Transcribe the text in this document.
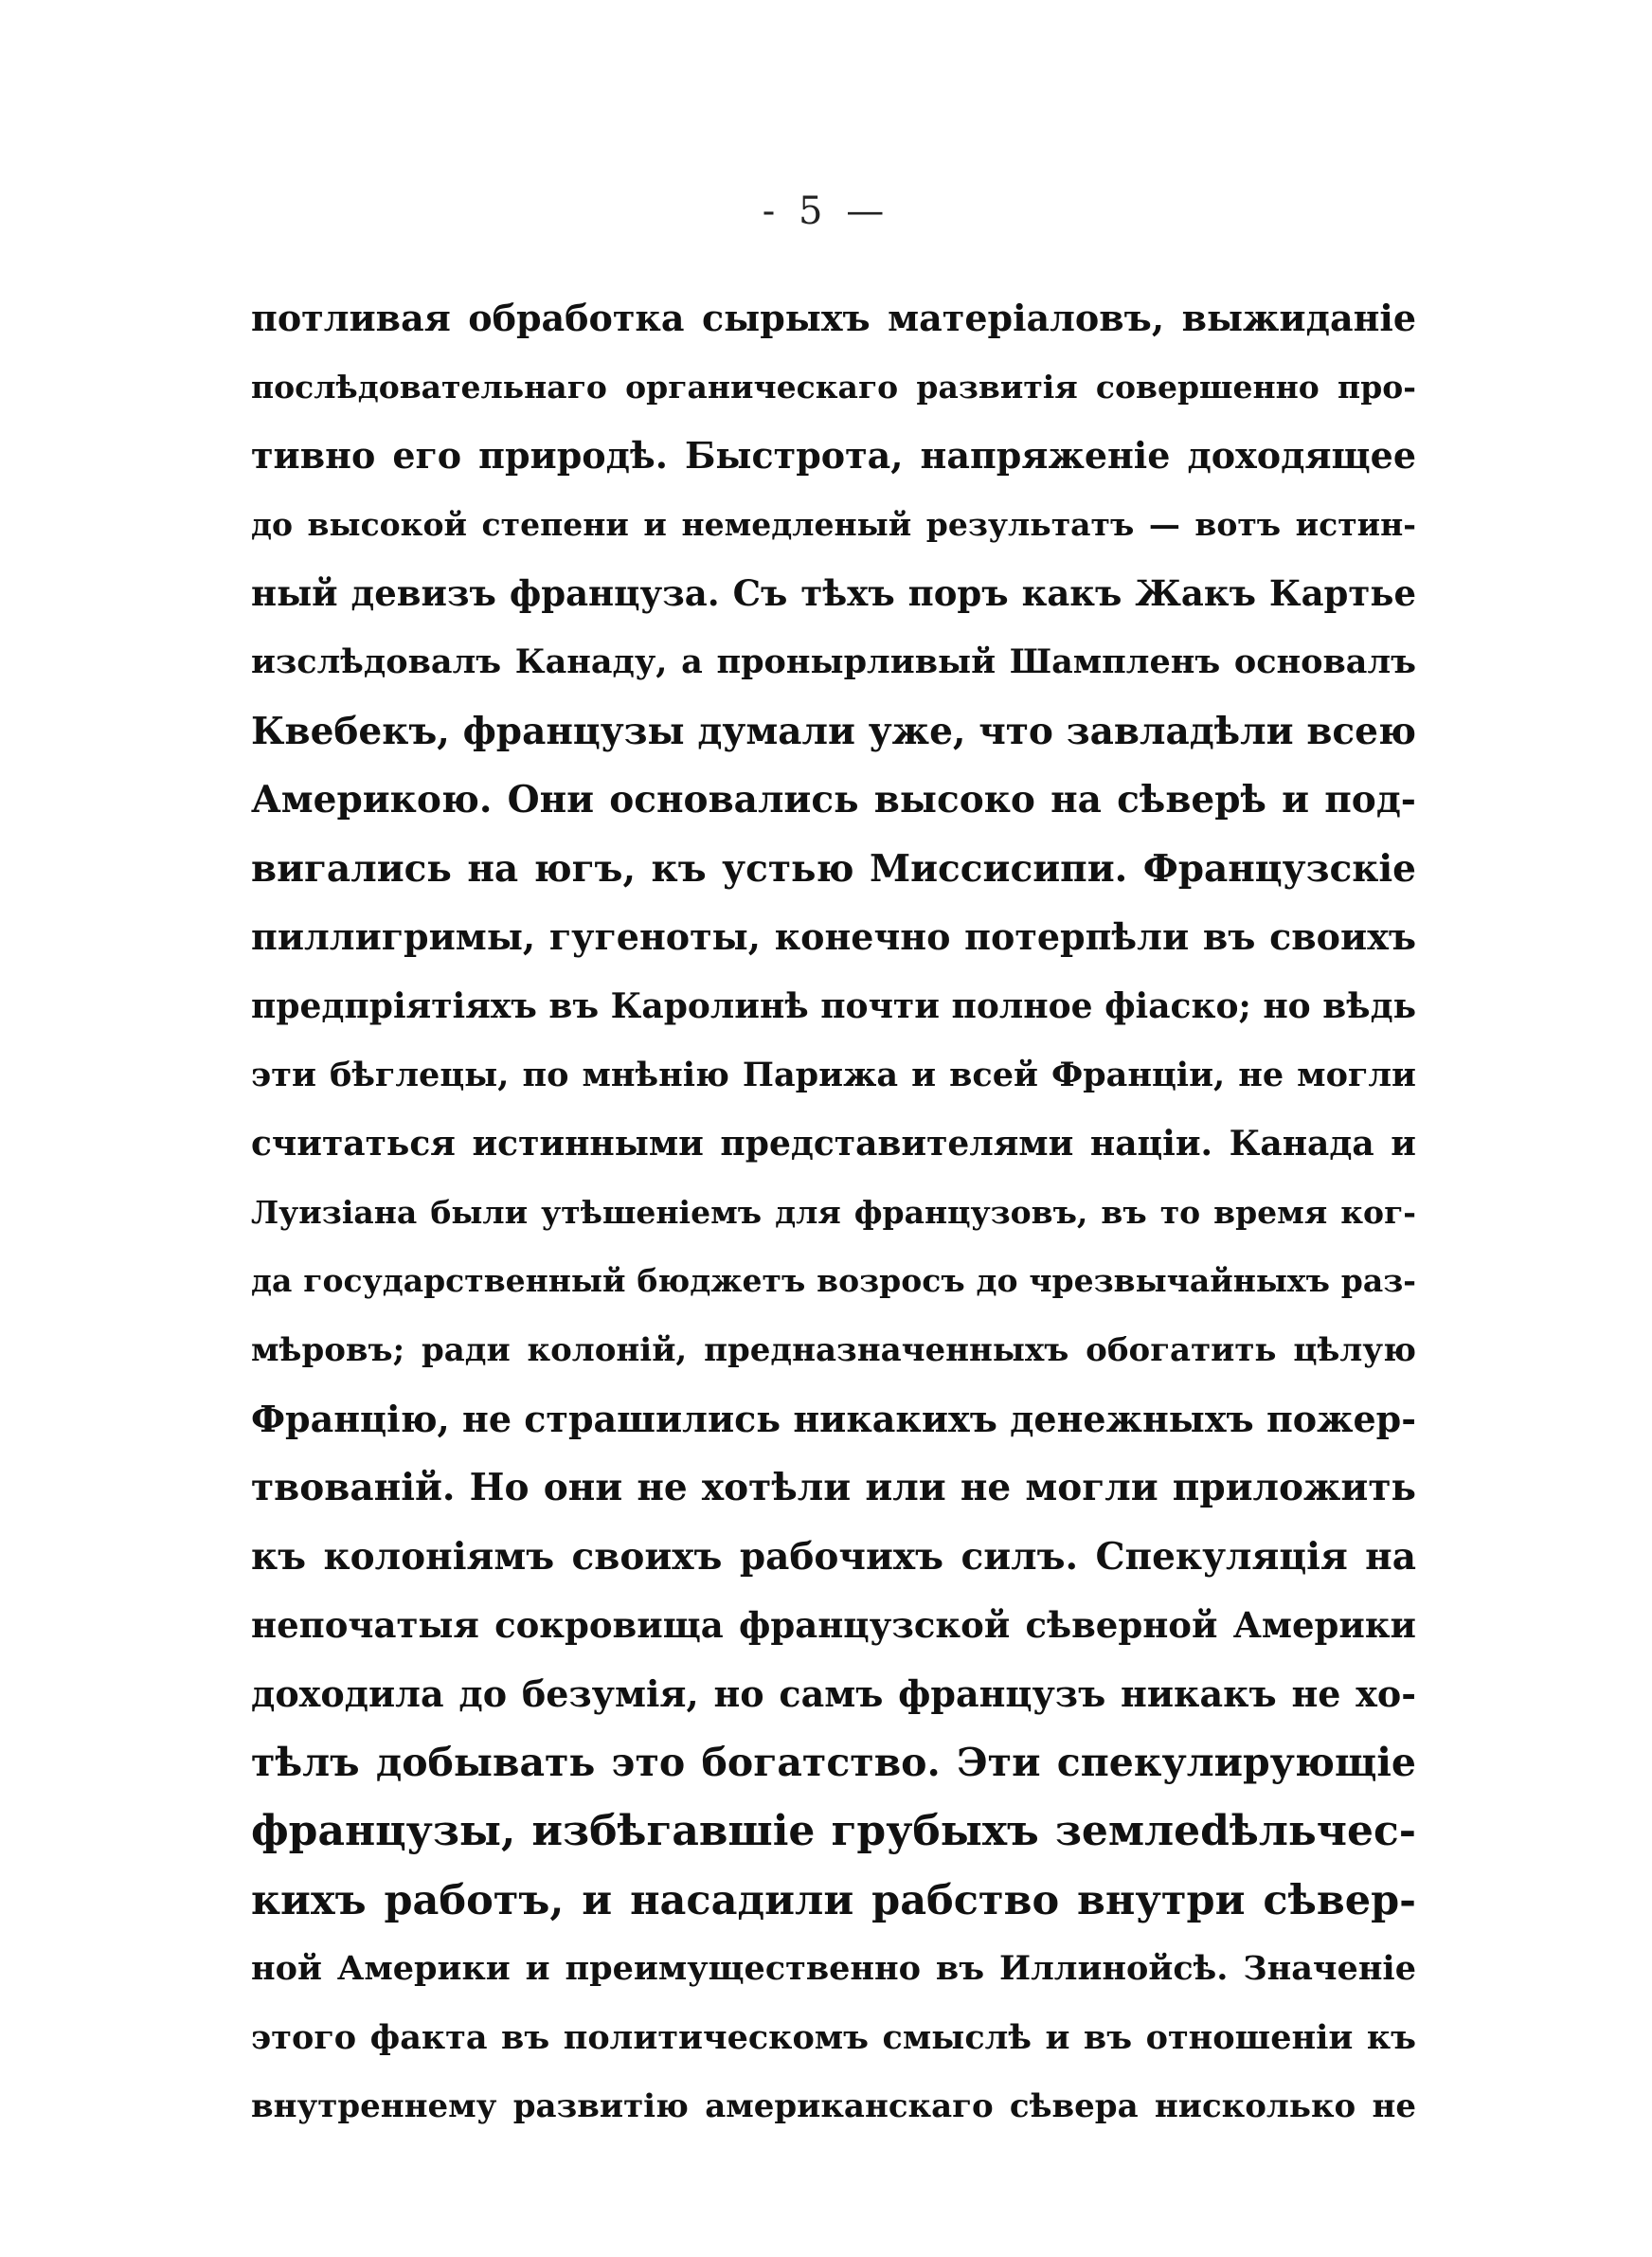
- 5 —
потливая обработка сырыхъ матеріаловъ, выжиданіе
послѣдовательнаго органическаго развитія совершенно про-
тивно его природѣ. Быстрота, напряженіе доходящее
до высокой степени и немедленый результатъ — вотъ истин-
ный девизъ француза. Съ тѣхъ поръ какъ Жакъ Картье
изслѣдовалъ Канаду, а пронырливый Шампленъ основалъ
Квебекъ, французы думали уже, что завладѣли всею
Америкою. Они основались высоко на сѣверѣ и под-
вигались на югъ, къ устью Миссисипи. Французскіе
пиллигримы, гугеноты, конечно потерпѣли въ своихъ
предпріятіяхъ въ Каролинѣ почти полное фіаско; но вѣдь
эти бѣглецы, по мнѣнію Парижа и всей Франціи, не могли
считаться истинными представителями націи. Канада и
Луизіана были утѣшеніемъ для французовъ, въ то время ког-
да государственный бюджетъ возросъ до чрезвычайныхъ раз-
мѣровъ; ради колоній, предназначенныхъ обогатить цѣлую
Францію, не страшились никакихъ денежныхъ пожер-
твованій. Но они не хотѣли или не могли приложить
къ колоніямъ своихъ рабочихъ силъ. Спекуляція на
непочатыя сокровища французской сѣверной Америки
доходила до безумія, но самъ французъ никакъ не хо-
тѣлъ добывать это богатство. Эти спекулирующіе
французы, избѣгавшіе грубыхъ землedѣльчес-
кихъ работъ, и насадили рабство внутри сѣвер-
ной Америки и преимущественно въ Иллинойсѣ. Значеніе
этого факта въ политическомъ смыслѣ и въ отношеніи къ
внутреннему развитію американскаго сѣвера нисколько не
